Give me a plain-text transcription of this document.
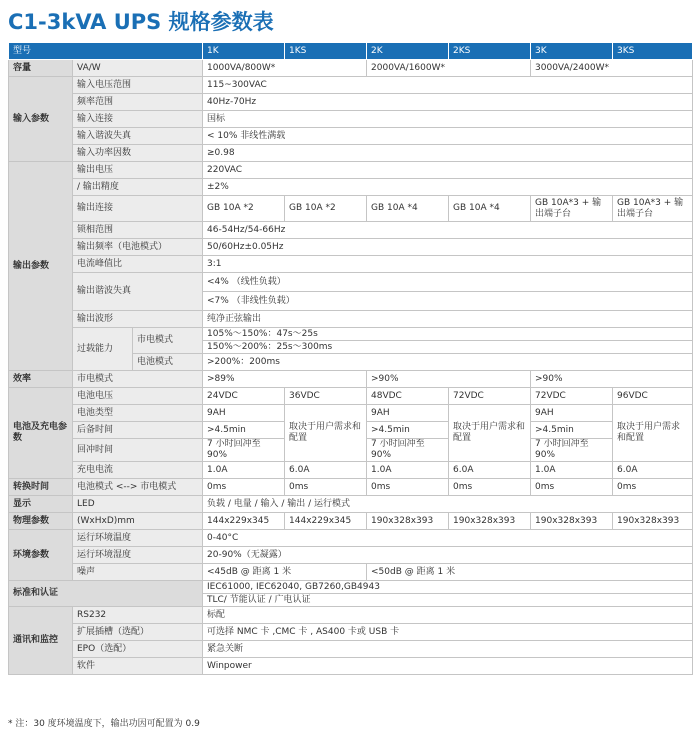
C1-3kVA UPS 规格参数表
型号			1K	1KS	2K	2KS	3K	3KS
容量	VA/W		1000VA/800W*		2000VA/1600W*		3000VA/2400W*	
输入参数	输入电压范围		115~300VAC					
	频率范围		40Hz-70Hz					
	输入连接		国标					
	输入谐波失真		< 10% 非线性满载					
	输入功率因数		≥0.98					
输出参数	输出电压		220VAC					
	/ 输出精度		±2%					
	输出连接		GB 10A *2	GB 10A *2	GB 10A *4	GB 10A *4	GB 10A*3 + 输出端子台	GB 10A*3 + 输出端子台
	锁相范围		46-54Hz/54-66Hz					
	输出频率（电池模式）		50/60Hz±0.05Hz					
	电流峰值比		3:1					
	输出谐波失真		<4% （线性负载）					
			<7% （非线性负载）					
	输出波形		纯净正弦输出					
	过载能力	市电模式	105%～150%：47s～25s					
			150%～200%：25s～300ms					
		电池模式	>200%：200ms					
效率	市电模式		>89%		>90%		>90%	
电池及充电参数	电池电压		24VDC	36VDC	48VDC	72VDC	72VDC	96VDC
	电池类型		9AH	取决于用户需求和配置	9AH	取决于用户需求和配置	9AH	取决于用户需求和配置
	后备时间		>4.5min		>4.5min		>4.5min	
	回冲时间		7 小时回冲至 90%		7 小时回冲至 90%		7 小时回冲至 90%	
	充电电流		1.0A	6.0A	1.0A	6.0A	1.0A	6.0A
转换时间	电池模式 <--> 市电模式		0ms	0ms	0ms	0ms	0ms	0ms
显示	LED		负载 / 电量 / 输入 / 输出 / 运行模式					
物理参数	(WxHxD)mm		144x229x345	144x229x345	190x328x393	190x328x393	190x328x393	190x328x393
环境参数	运行环境温度		0-40°C					
	运行环境湿度		20-90%（无凝露）					
	噪声		<45dB @ 距离 1 米		<50dB @ 距离 1 米			
标准和认证			IEC61000, IEC62040, GB7260,GB4943					
			TLC/ 节能认证 / 广电认证					
通讯和监控	RS232		标配					
	扩展插槽（选配）		可选择 NMC 卡 ,CMC 卡 , AS400 卡或 USB 卡					
	EPO（选配）		紧急关断					
	软件		Winpower					
* 注：30 度环境温度下，输出功因可配置为 0.9
